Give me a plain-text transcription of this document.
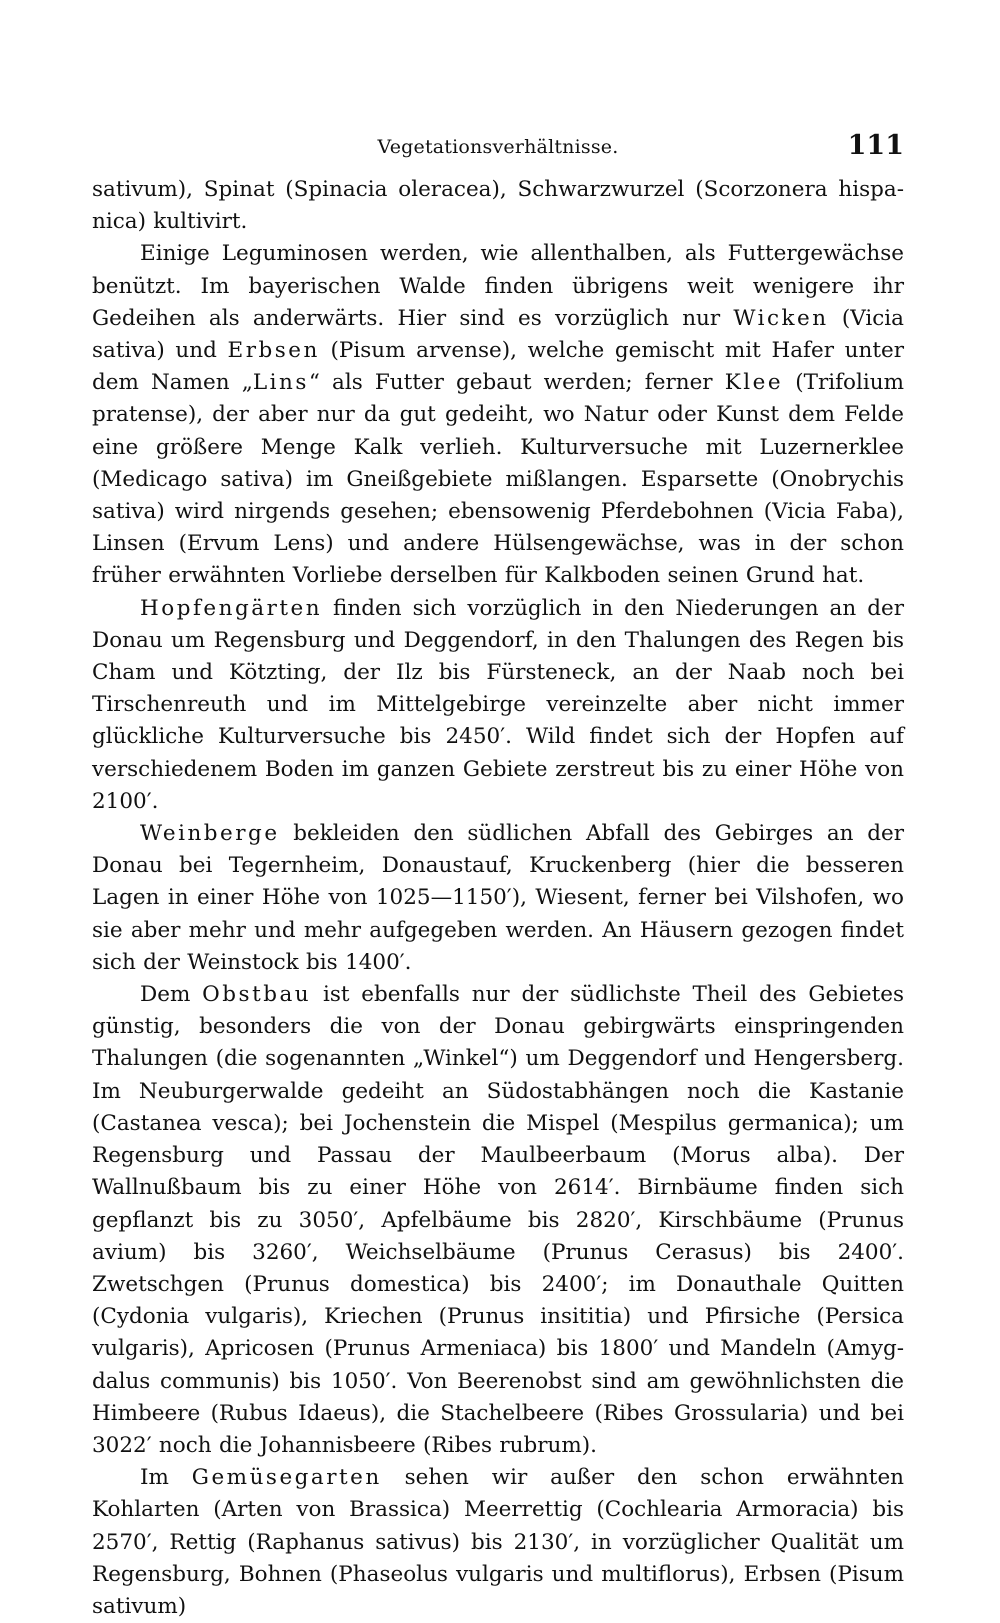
Vegetationsverhältnisse.	111

sativum), Spinat (Spinacia oleracea), Schwarzwurzel (Scorzonera hispanica) kultivirt.

Einige Leguminosen werden, wie allenthalben, als Futtergewächse benützt. Im bayerischen Walde finden übrigens weit wenigere ihr Gedeihen als anderwärts. Hier sind es vorzüglich nur Wicken (Vicia sativa) und Erbsen (Pisum arvense), welche gemischt mit Hafer unter dem Namen „Lins“ als Futter gebaut werden; ferner Klee (Trifolium pratense), der aber nur da gut gedeiht, wo Natur oder Kunst dem Felde eine größere Menge Kalk verlieh. Kulturversuche mit Luzernerklee (Medicago sativa) im Gneißgebiete mißlangen. Esparsette (Onobrychis sativa) wird nirgends gesehen; ebensowenig Pferdebohnen (Vicia Faba), Linsen (Ervum Lens) und andere Hülsengewächse, was in der schon früher erwähnten Vorliebe derselben für Kalkboden seinen Grund hat.

Hopfengärten finden sich vorzüglich in den Niederungen an der Donau um Regensburg und Deggendorf, in den Thalungen des Regen bis Cham und Kötzting, der Ilz bis Fürsteneck, an der Naab noch bei Tirschenreuth und im Mittelgebirge vereinzelte aber nicht immer glückliche Kulturversuche bis 2450′. Wild findet sich der Hopfen auf verschiedenem Boden im ganzen Gebiete zerstreut bis zu einer Höhe von 2100′.

Weinberge bekleiden den südlichen Abfall des Gebirges an der Donau bei Tegernheim, Donaustauf, Kruckenberg (hier die besseren Lagen in einer Höhe von 1025—1150′), Wiesent, ferner bei Vilshofen, wo sie aber mehr und mehr aufgegeben werden. An Häusern gezogen findet sich der Weinstock bis 1400′.

Dem Obstbau ist ebenfalls nur der südlichste Theil des Gebietes günstig, besonders die von der Donau gebirgwärts einspringenden Thalungen (die sogenannten „Winkel“) um Deggendorf und Hengersberg. Im Neuburgerwalde gedeiht an Südostabhängen noch die Kastanie (Castanea vesca); bei Jochenstein die Mispel (Mespilus germanica); um Regensburg und Passau der Maulbeerbaum (Morus alba). Der Wallnußbaum bis zu einer Höhe von 2614′. Birnbäume finden sich gepflanzt bis zu 3050′, Apfelbäume bis 2820′, Kirschbäume (Prunus avium) bis 3260′, Weichselbäume (Prunus Cerasus) bis 2400′. Zwetschgen (Prunus domestica) bis 2400′; im Donauthale Quitten (Cydonia vulgaris), Kriechen (Prunus insititia) und Pfirsiche (Persica vulgaris), Apricosen (Prunus Armeniaca) bis 1800′ und Mandeln (Amygdalus communis) bis 1050′. Von Beerenobst sind am gewöhnlichsten die Himbeere (Rubus Idaeus), die Stachelbeere (Ribes Grossularia) und bei 3022′ noch die Johannisbeere (Ribes rubrum).

Im Gemüsegarten sehen wir außer den schon erwähnten Kohlarten (Arten von Brassica) Meerrettig (Cochlearia Armoracia) bis 2570′, Rettig (Raphanus sativus) bis 2130′, in vorzüglicher Qualität um Regensburg, Bohnen (Phaseolus vulgaris und multiflorus), Erbsen (Pisum sativum)
